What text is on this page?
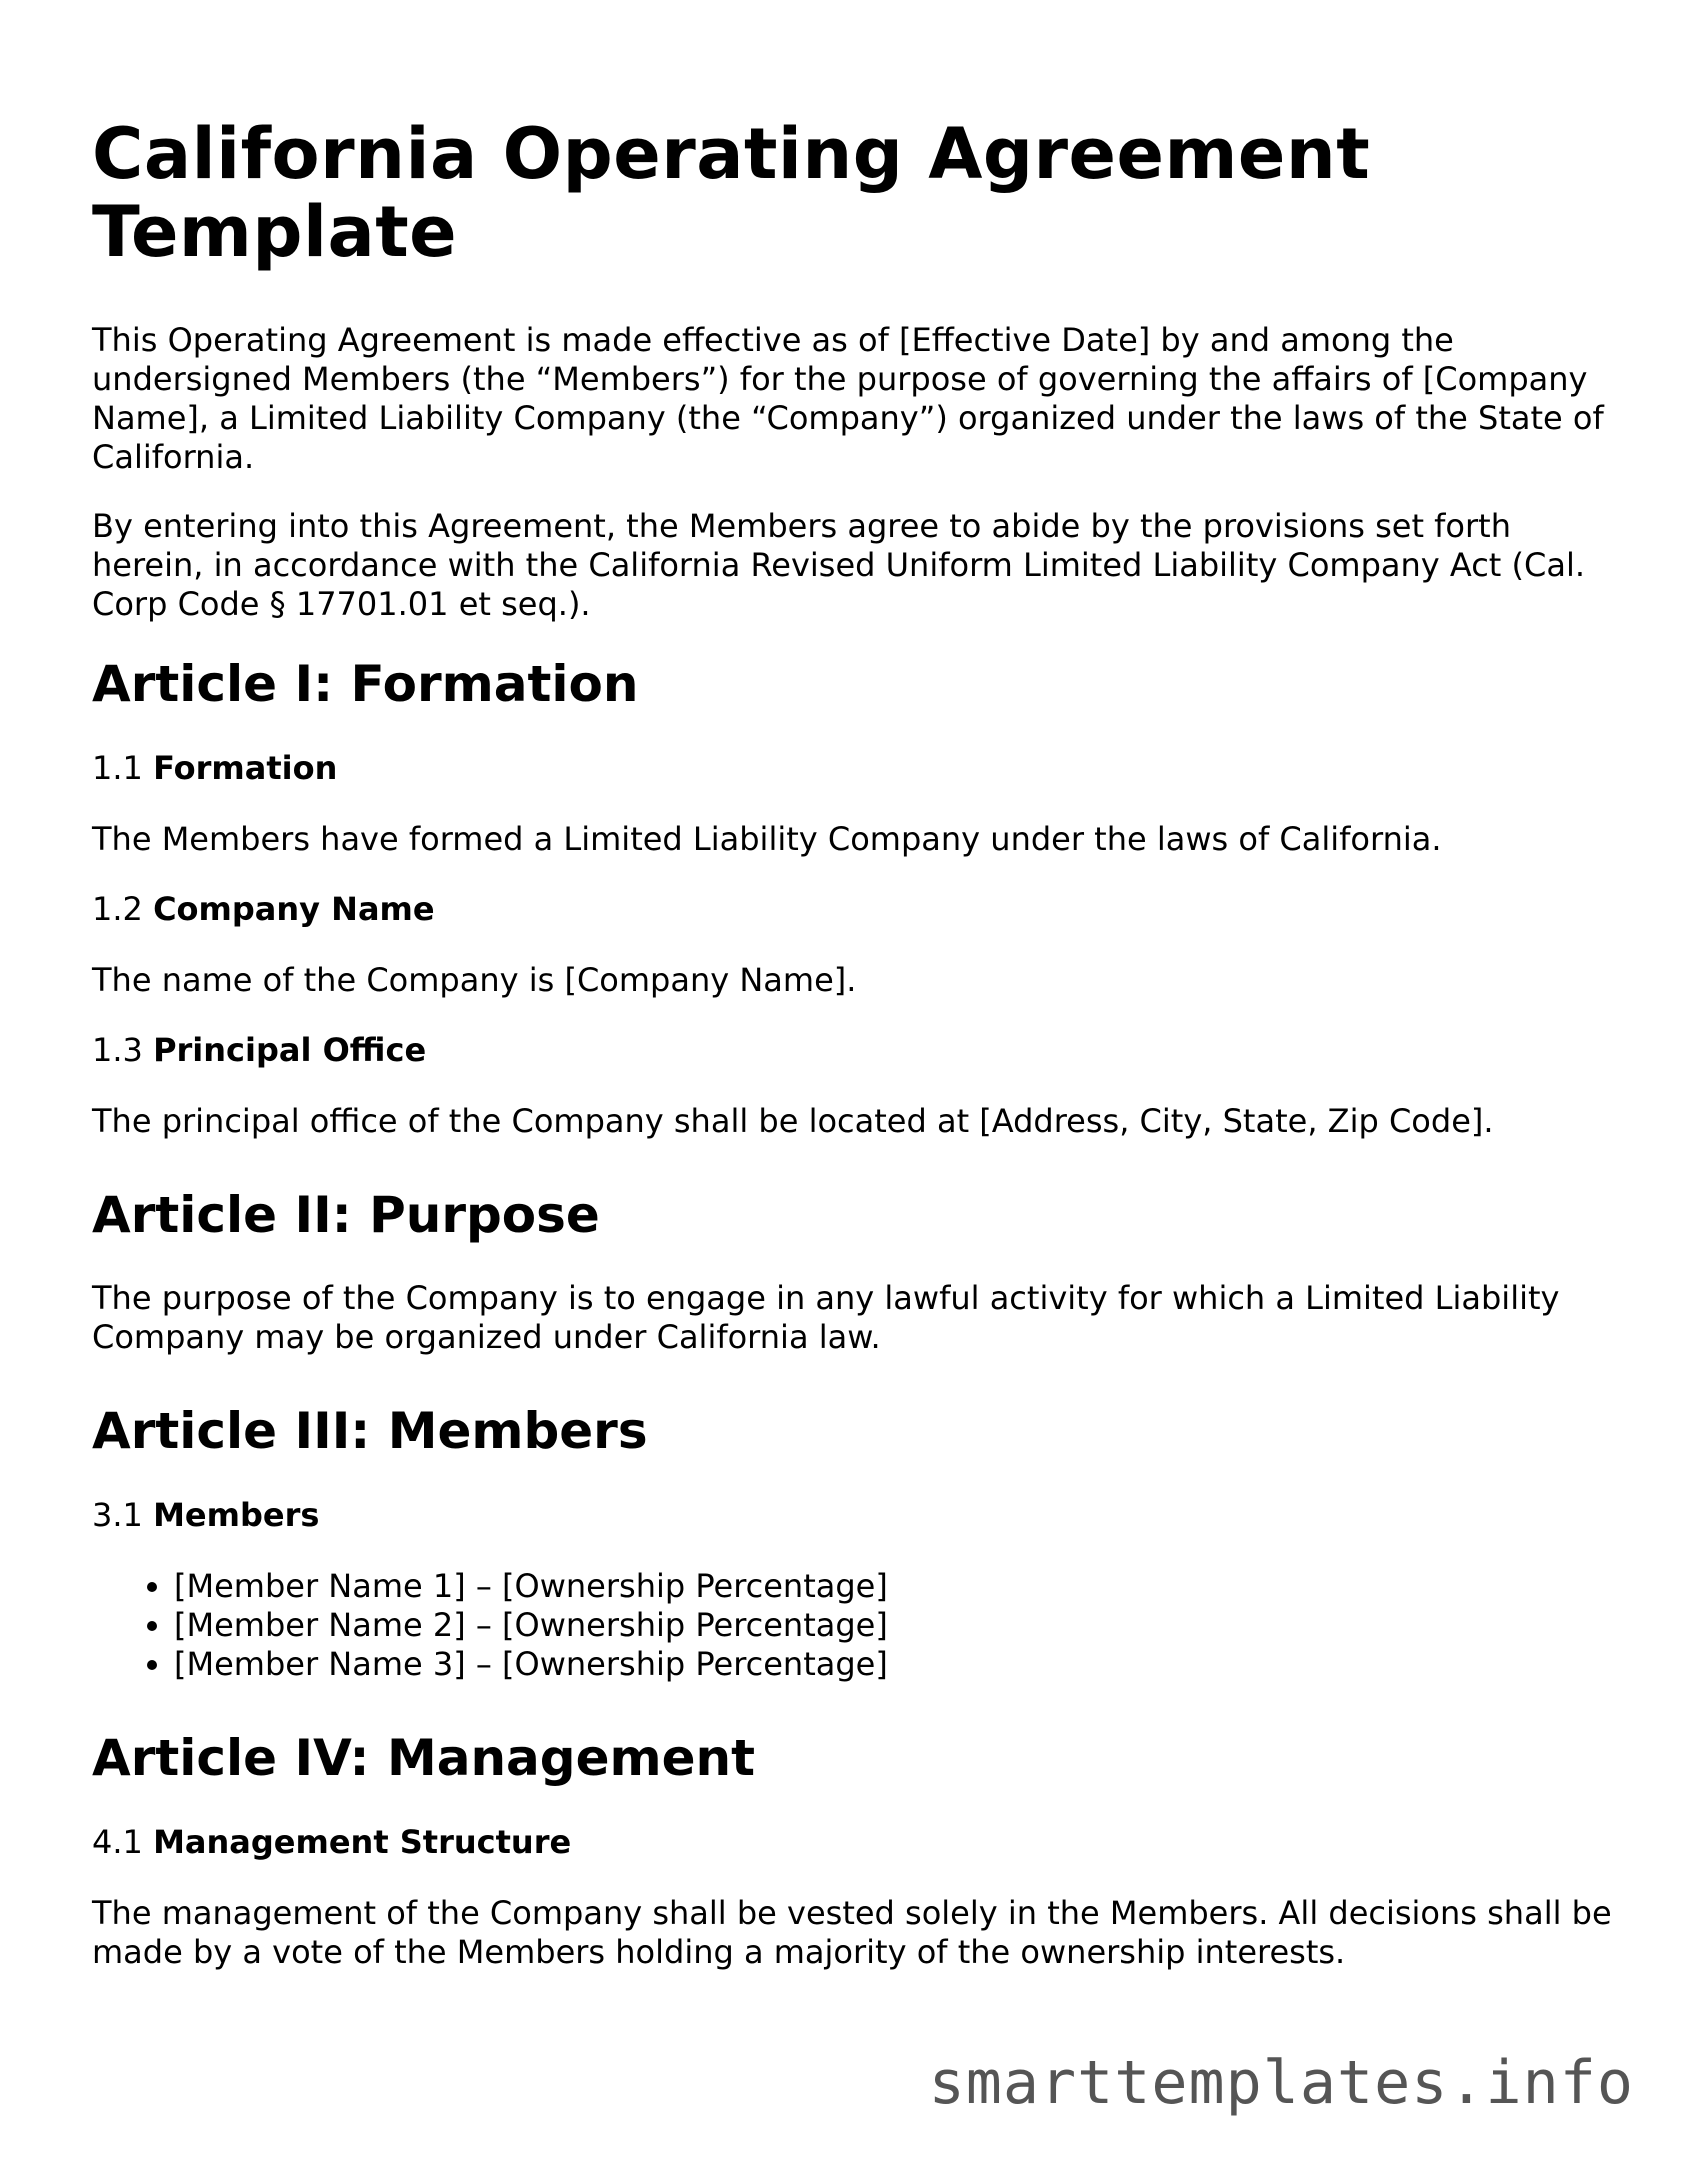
California Operating Agreement Template

This Operating Agreement is made effective as of [Effective Date] by and among the undersigned Members (the “Members”) for the purpose of governing the affairs of [Company Name], a Limited Liability Company (the “Company”) organized under the laws of the State of California.

By entering into this Agreement, the Members agree to abide by the provisions set forth herein, in accordance with the California Revised Uniform Limited Liability Company Act (Cal. Corp Code § 17701.01 et seq.).

Article I: Formation
1.1 Formation

The Members have formed a Limited Liability Company under the laws of California.

1.2 Company Name

The name of the Company is [Company Name].

1.3 Principal Office

The principal office of the Company shall be located at [Address, City, State, Zip Code].

Article II: Purpose

The purpose of the Company is to engage in any lawful activity for which a Limited Liability Company may be organized under California law.

Article III: Members
3.1 Members
• [Member Name 1] – [Ownership Percentage]
• [Member Name 2] – [Ownership Percentage]
• [Member Name 3] – [Ownership Percentage]
Article IV: Management
4.1 Management Structure

The management of the Company shall be vested solely in the Members. All decisions shall be made by a vote of the Members holding a majority of the ownership interests.

smarttemplates.info
